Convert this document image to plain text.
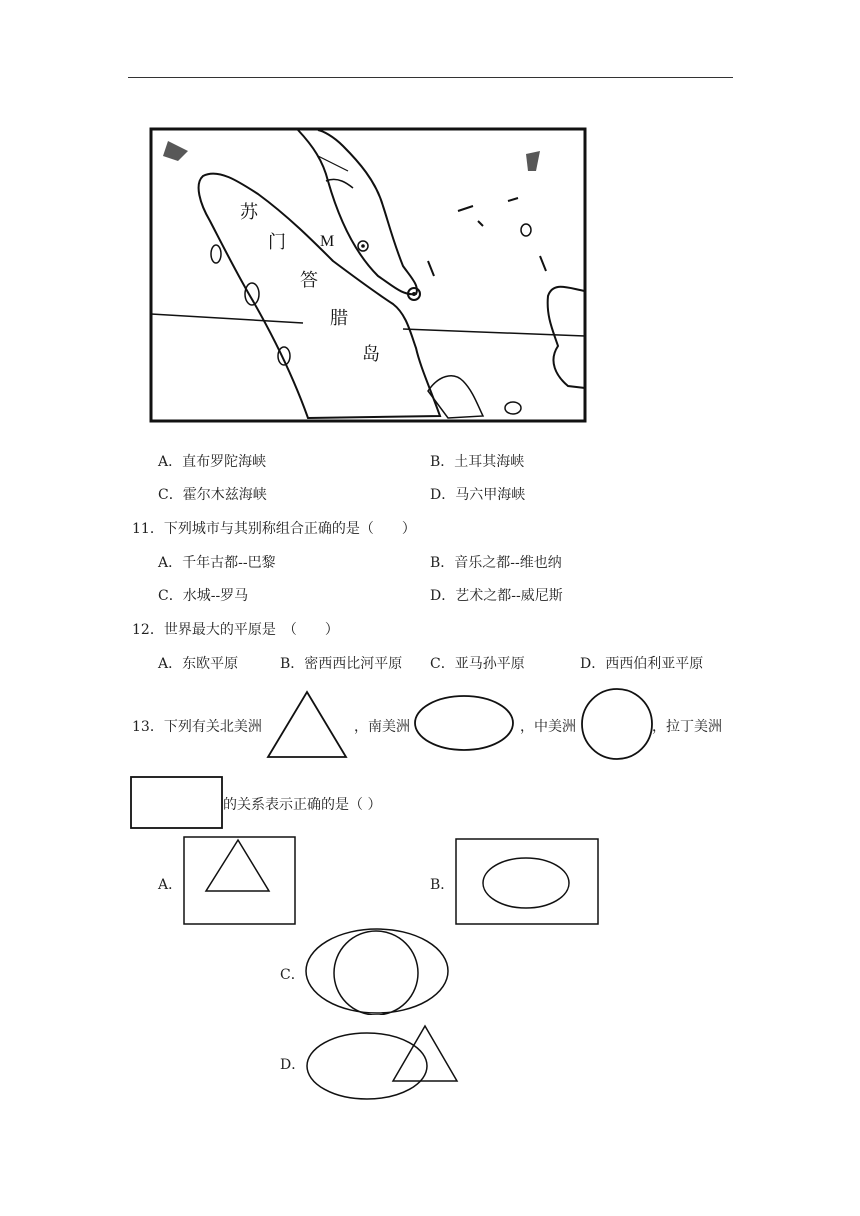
苏
门
答
腊
岛
M
A．直布罗陀海峡	B．土耳其海峡
C．霍尔木兹海峡	D．马六甲海峡
11．下列城市与其别称组合正确的是（　　）
A．千年古都--巴黎	B．音乐之都--维也纳
C．水城--罗马	D．艺术之都--威尼斯
12．世界最大的平原是　（　　）
A．东欧平原	B．密西西比河平原 C．亚马孙平原	D．西西伯利亚平原
13．下列有关北美洲	，南美洲	，中美洲	，拉丁美洲
的关系表示正确的是（ ）
A．	B．
C．
D．
